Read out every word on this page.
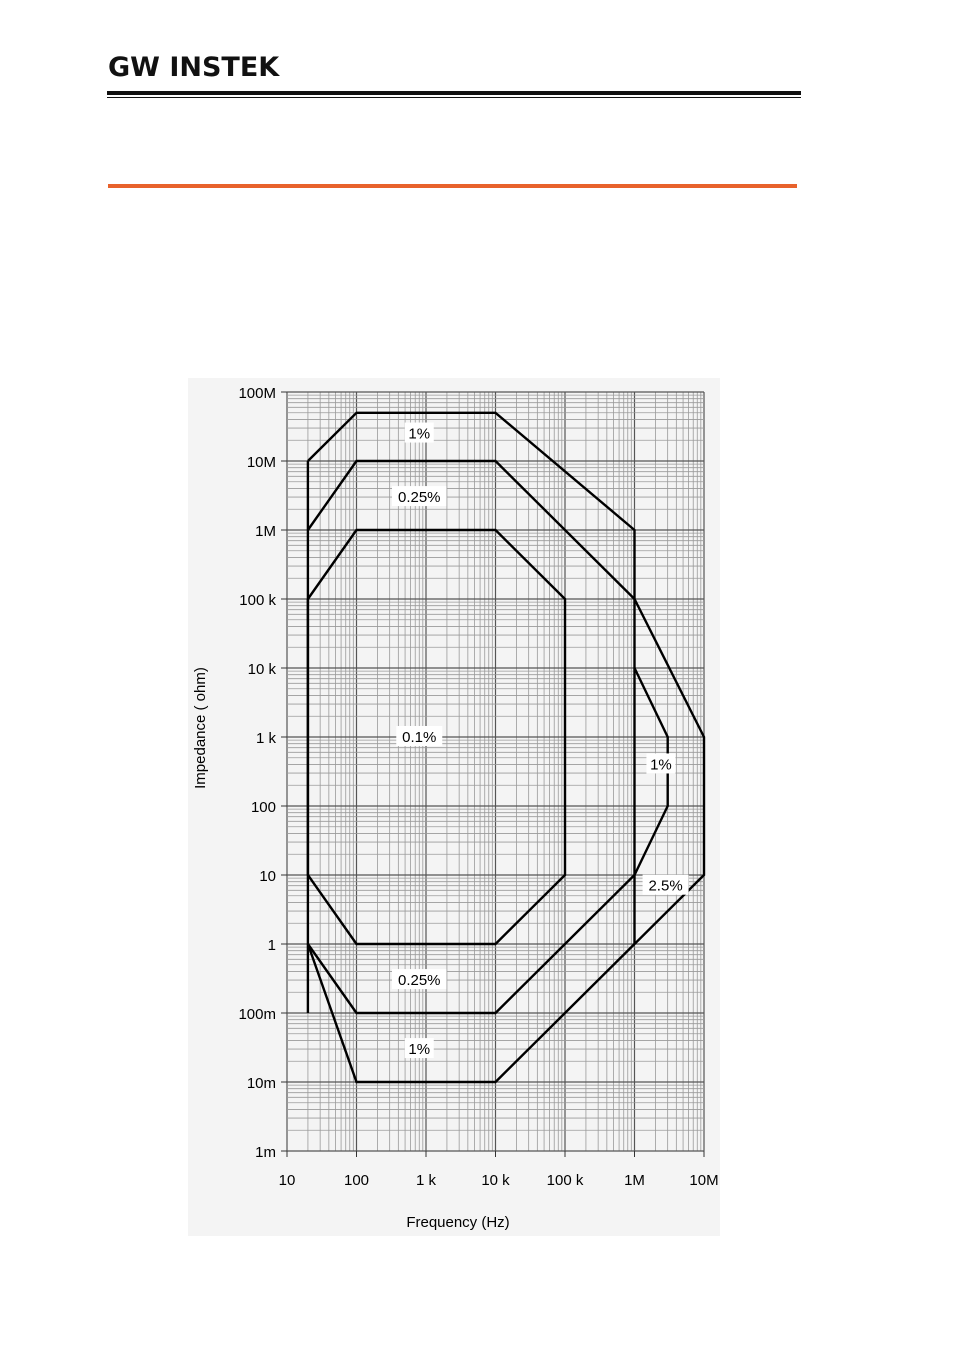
GW INSTEK
10	100	1 k	10 k 100 k	1M	10M
1m
10m
100m
1
10
100
1 k
10 k
100 k
1M
10M
100M
1%
0.25%
0.1%
1%
2.5%
0.25%
1%
Frequency (Hz)
Impedance ( ohm)
